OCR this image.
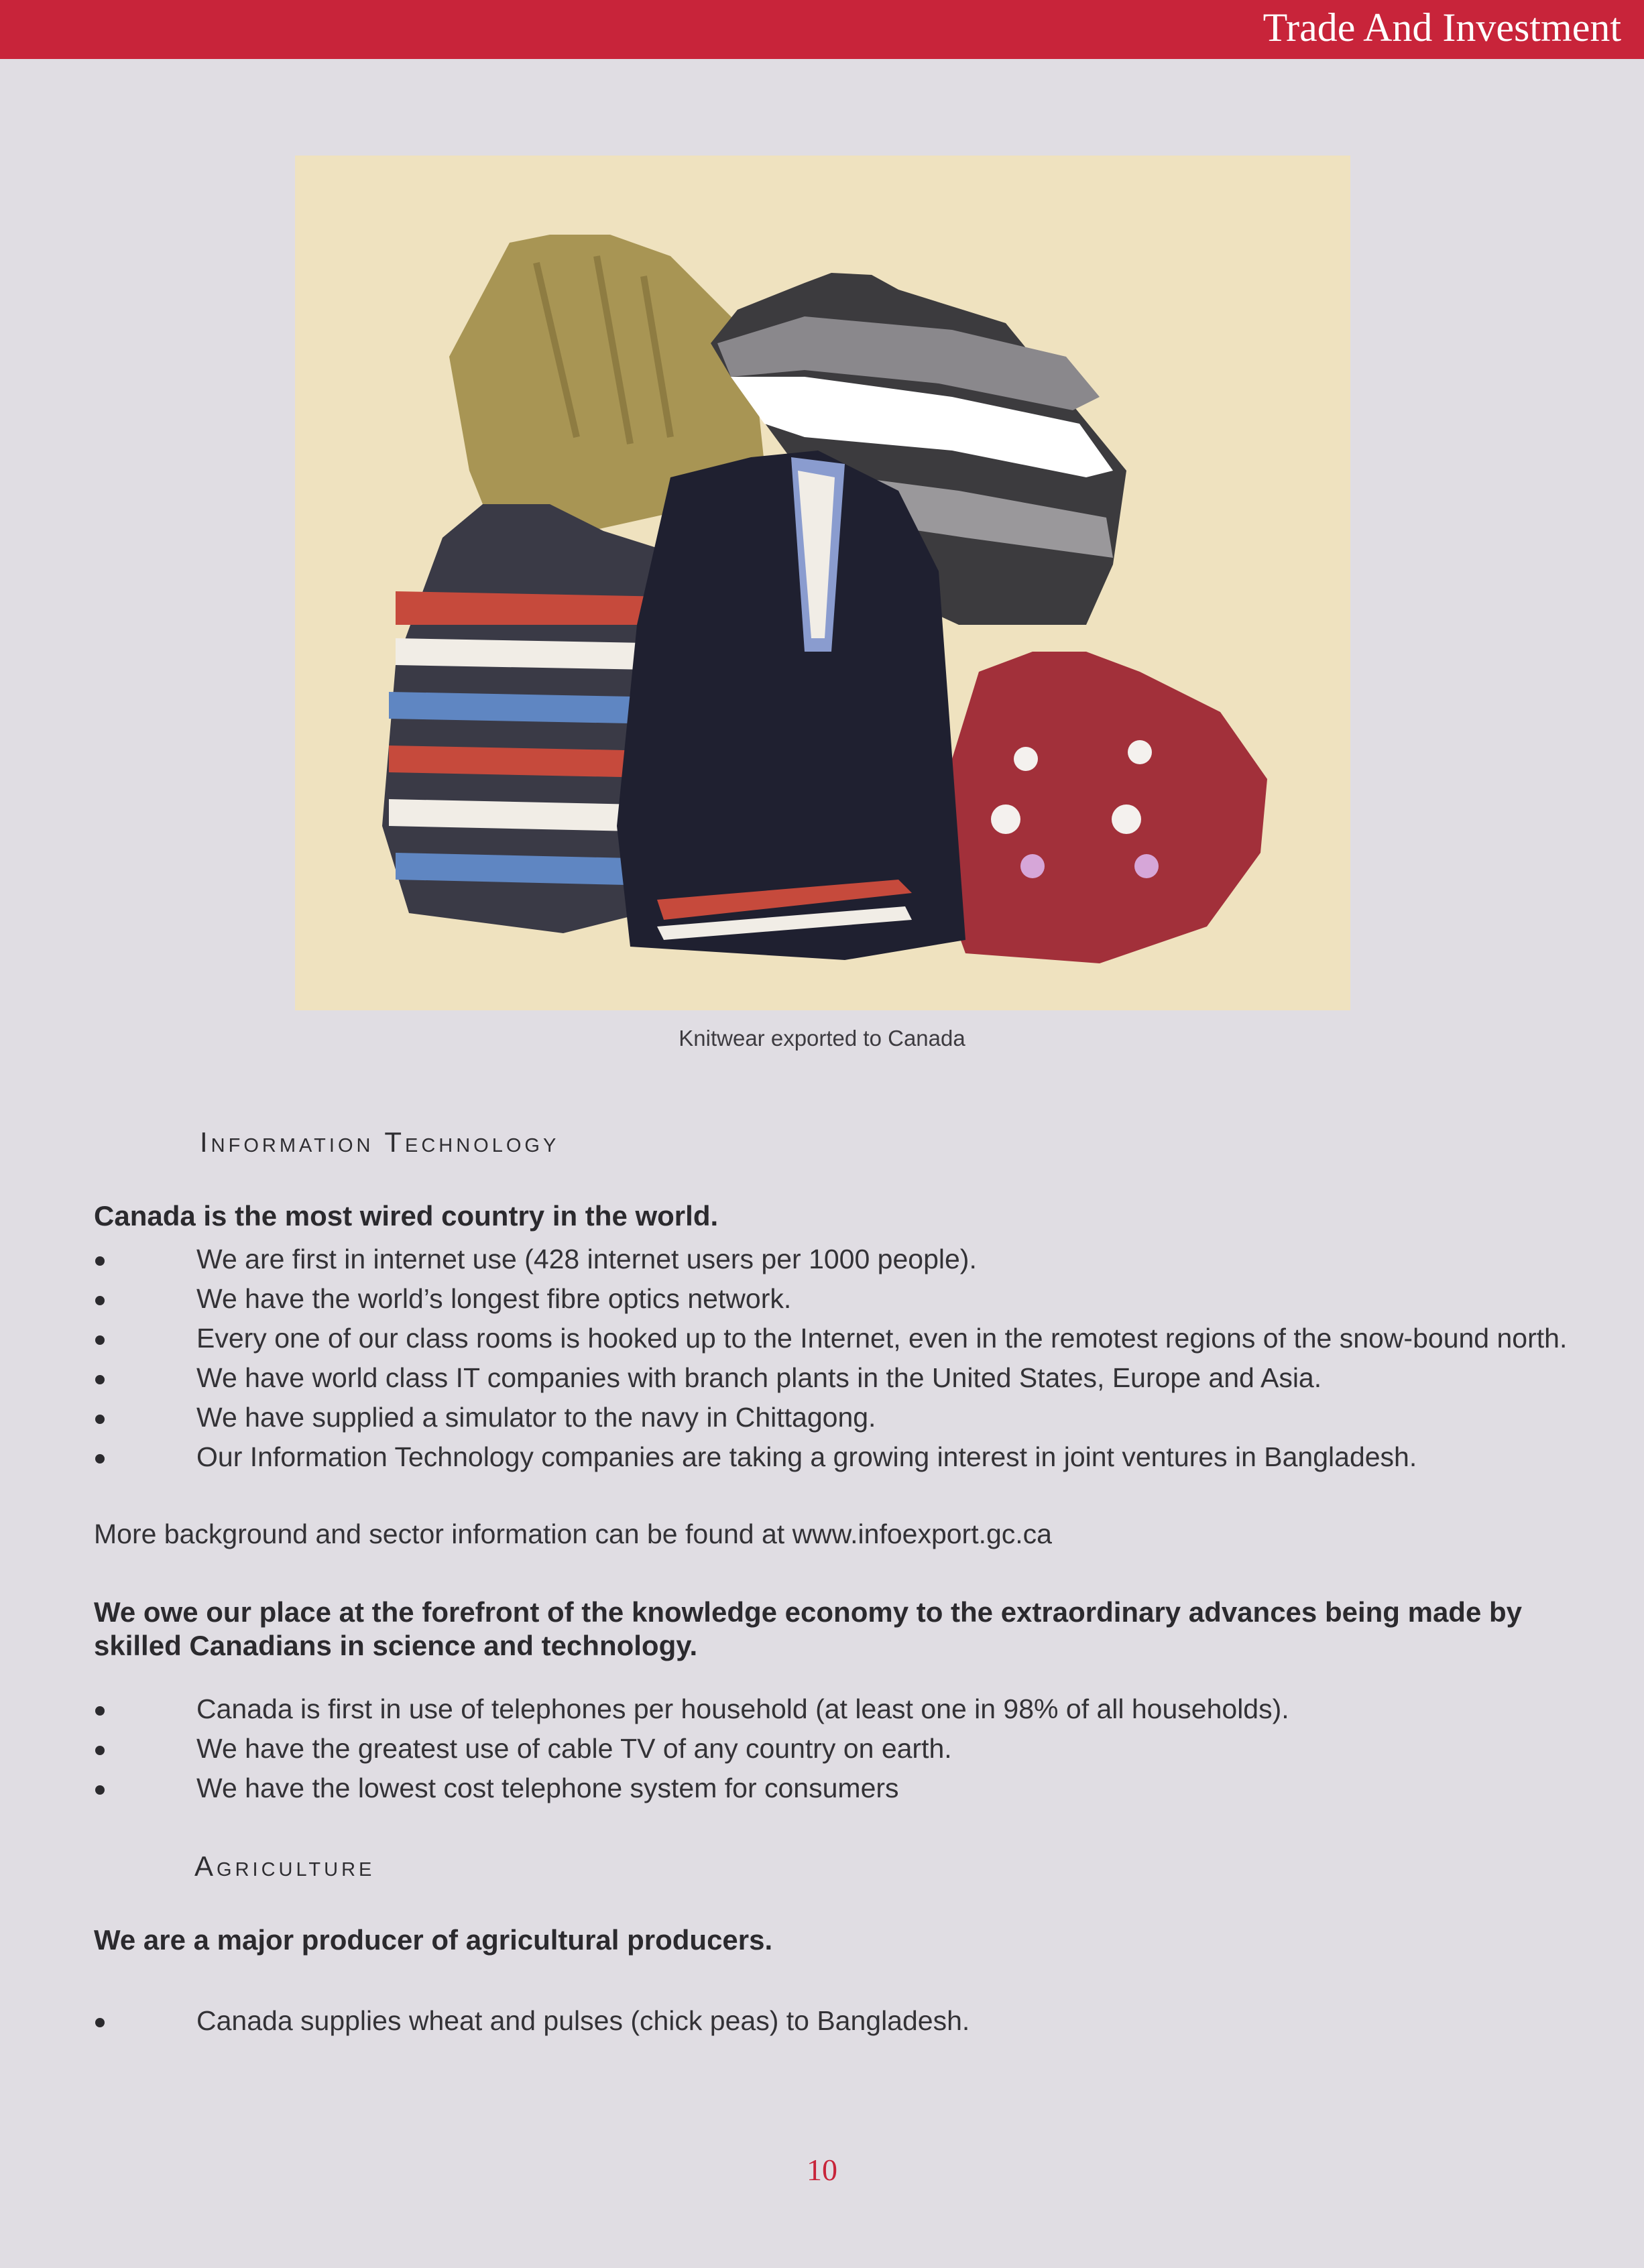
Trade And Investment
Knitwear exported to Canada
Information Technology
Canada is the most wired country in the world.
We are first in internet use (428 internet users per 1000 people).
We have the world’s longest fibre optics network.
Every one of our class rooms is hooked up to the Internet, even in the remotest regions of the snow-bound north.
We have world class IT companies with branch plants in the United States, Europe and Asia.
We have supplied a simulator to the navy in Chittagong.
Our Information Technology companies are taking a growing interest in joint ventures in Bangladesh.
More background and sector information can be found at www.infoexport.gc.ca
We owe our place at the forefront of the knowledge economy to the extraordinary advances being made by skilled Canadians in science and technology.
Canada is first in use of telephones per household (at least one in 98% of all households).
We have the greatest use of cable TV of any country on earth.
We have the lowest cost telephone system for consumers
Agriculture
We are a major producer of agricultural producers.
Canada supplies wheat and pulses (chick peas) to Bangladesh.
10
